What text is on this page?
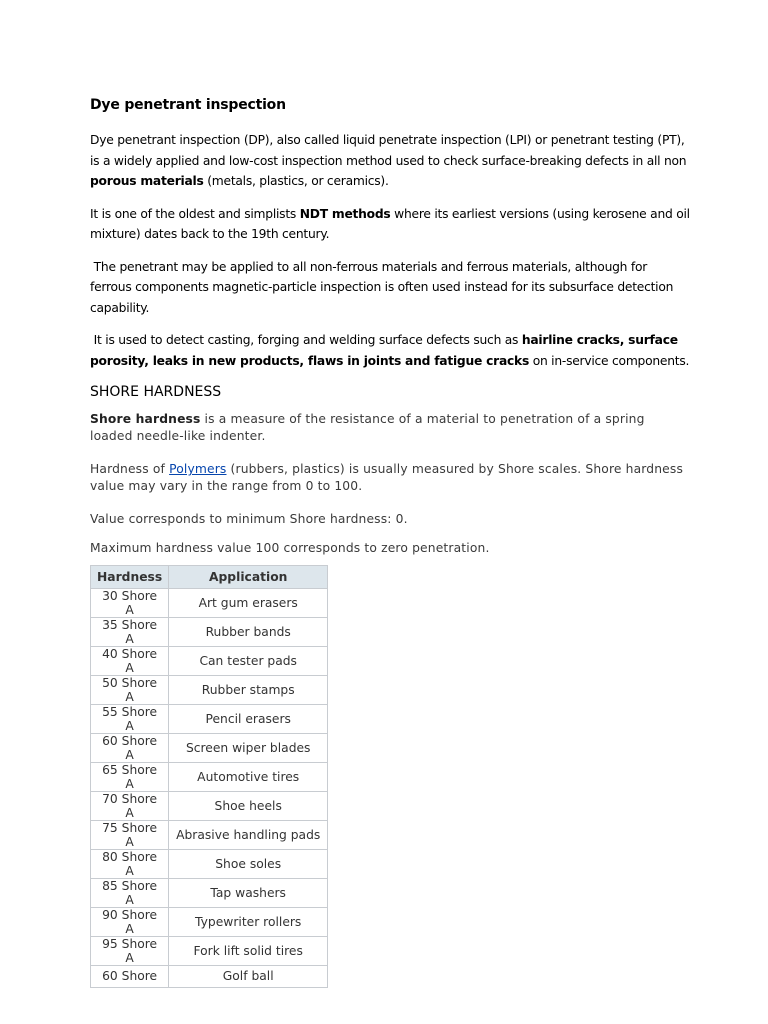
Dye penetrant inspection

Dye penetrant inspection (DP), also called liquid penetrate inspection (LPI) or penetrant testing (PT), is a widely applied and low-cost inspection method used to check surface-breaking defects in all non porous materials (metals, plastics, or ceramics).

It is one of the oldest and simplists NDT methods where its earliest versions (using kerosene and oil mixture) dates back to the 19th century.

The penetrant may be applied to all non-ferrous materials and ferrous materials, although for ferrous components magnetic-particle inspection is often used instead for its subsurface detection capability.

It is used to detect casting, forging and welding surface defects such as hairline cracks, surface porosity, leaks in new products, flaws in joints and fatigue cracks on in-service components.

SHORE HARDNESS

Shore hardness is a measure of the resistance of a material to penetration of a spring loaded needle-like indenter.

Hardness of Polymers (rubbers, plastics) is usually measured by Shore scales. Shore hardness value may vary in the range from 0 to 100.

Value corresponds to minimum Shore hardness: 0.

Maximum hardness value 100 corresponds to zero penetration.

Hardness	Application
30 Shore A	Art gum erasers
35 Shore A	Rubber bands
40 Shore A	Can tester pads
50 Shore A	Rubber stamps
55 Shore A	Pencil erasers
60 Shore A	Screen wiper blades
65 Shore A	Automotive tires
70 Shore A	Shoe heels
75 Shore A	Abrasive handling pads
80 Shore A	Shoe soles
85 Shore A	Tap washers
90 Shore A	Typewriter rollers
95 Shore A	Fork lift solid tires
60 Shore	Golf ball
